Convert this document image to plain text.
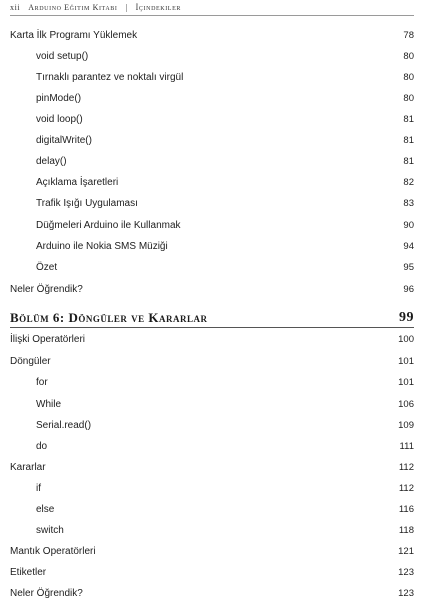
xii Arduino Eğitim Kitabı | İçindekiler
Karta İlk Programı Yüklemek	78
void setup()	80
Tırnaklı parantez ve noktalı virgül	80
pinMode()	80
void loop()	81
digitalWrite()	81
delay()	81
Açıklama İşaretleri	82
Trafik Işığı Uygulaması	83
Düğmeleri Arduino ile Kullanmak	90
Arduino ile Nokia SMS Müziği	94
Özet	95
Neler Öğrendik?	96
Bölüm 6: Döngüler ve Kararlar	99
İlişki Operatörleri	100
Döngüler	101
for	101
While	106
Serial.read()	109
do	111
Kararlar	112
if	112
else	116
switch	118
Mantık Operatörleri	121
Etiketler	123
Neler Öğrendik?	123
